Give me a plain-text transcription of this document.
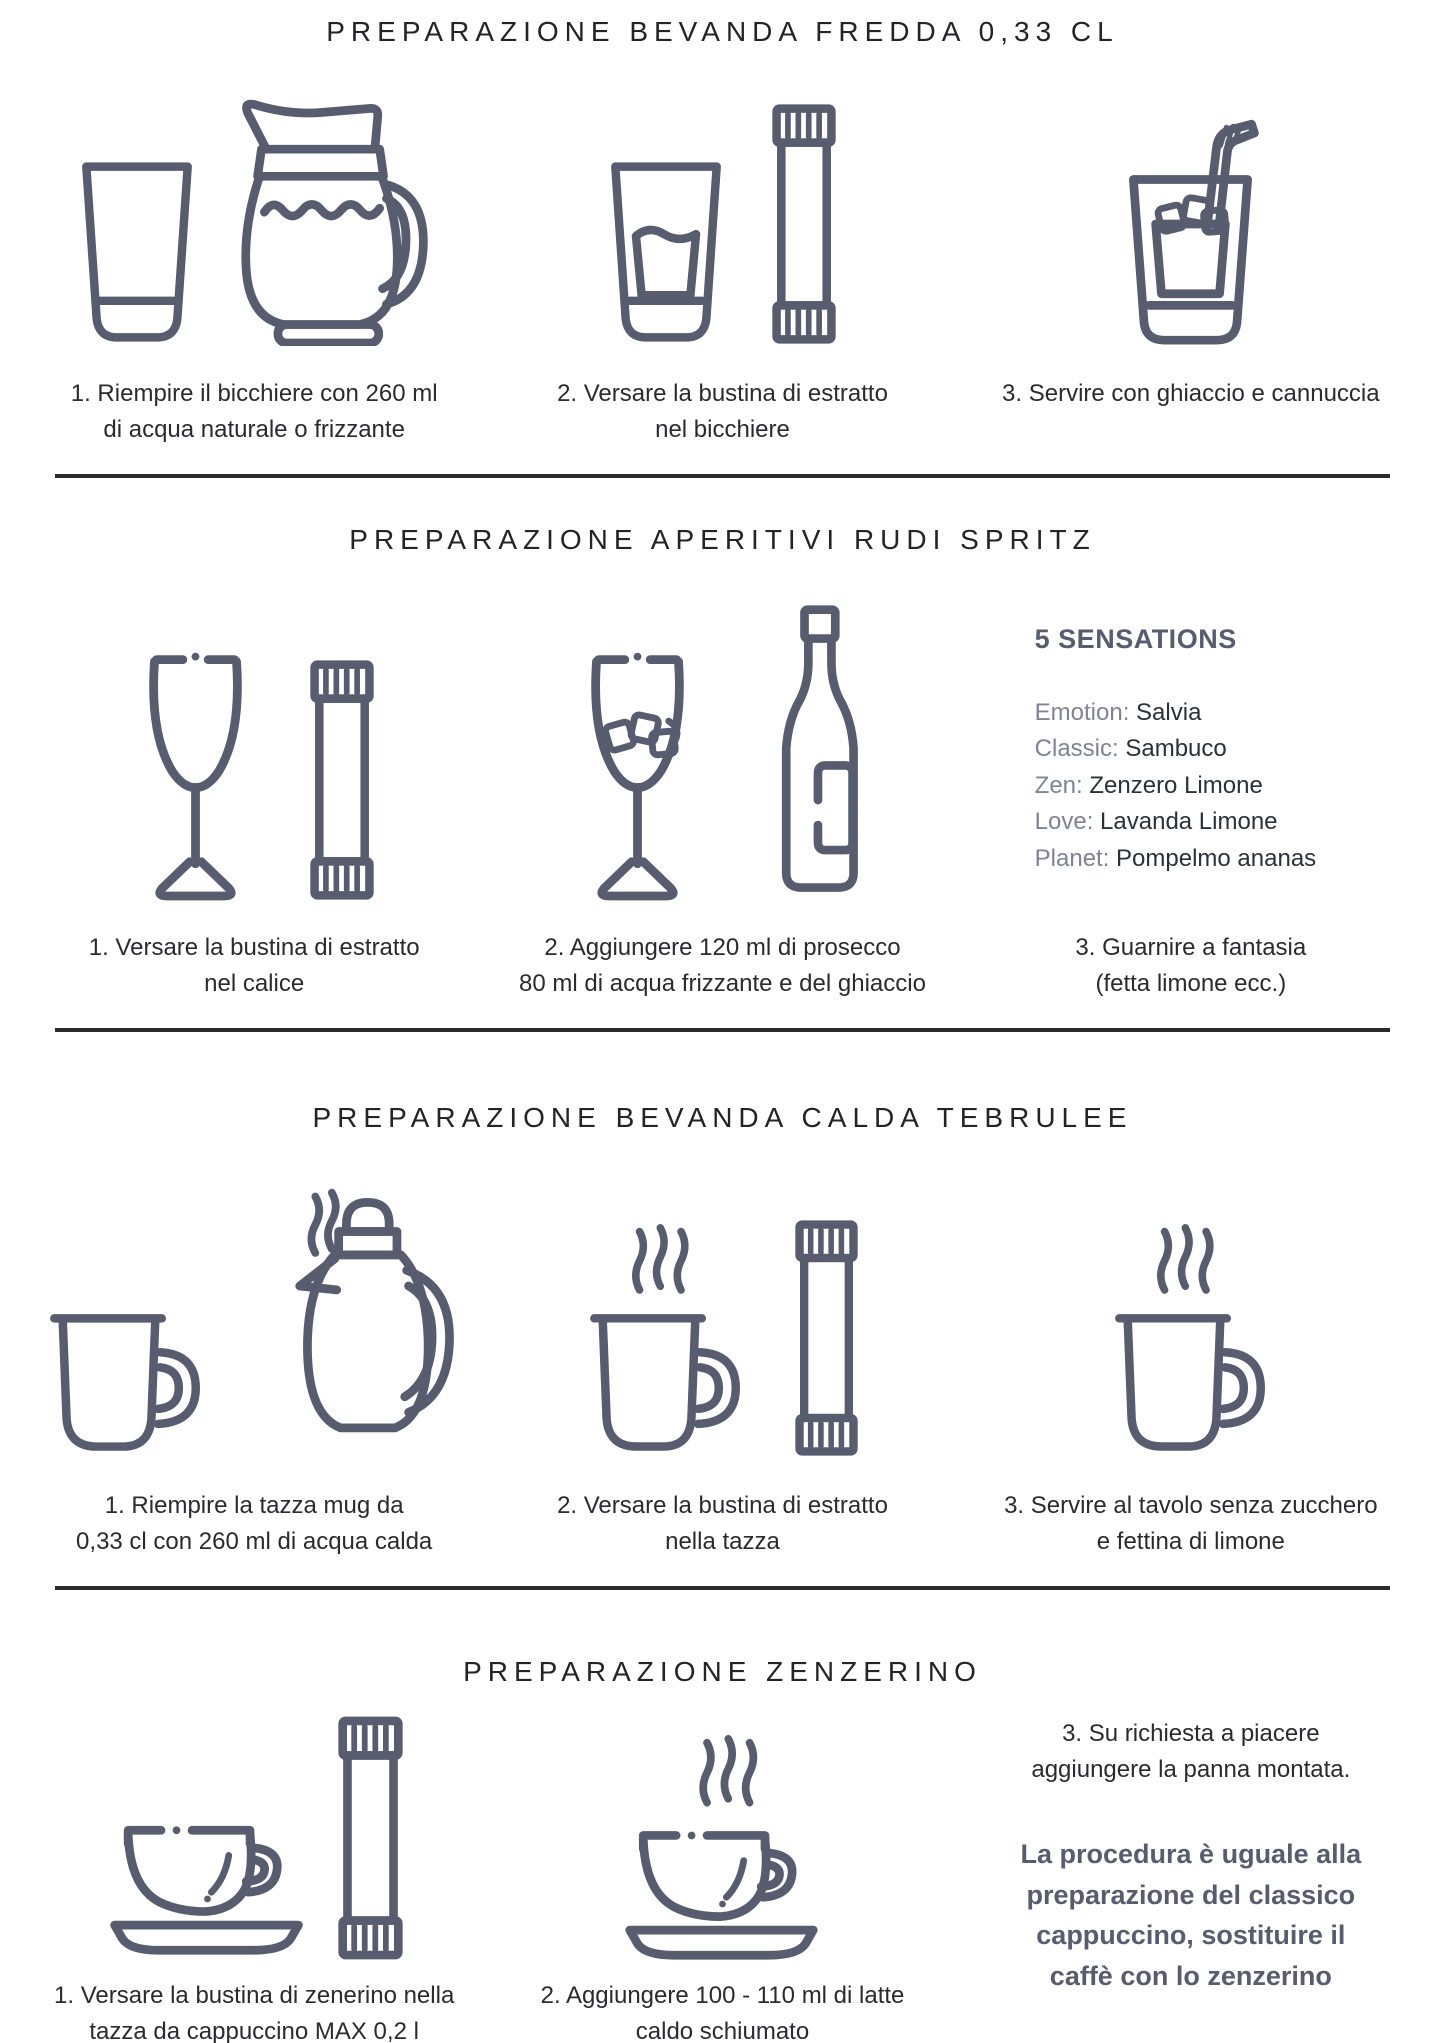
PREPARAZIONE BEVANDA FREDDA 0,33 CL
1. Riempire il bicchiere con 260 ml
di acqua naturale o frizzante
2. Versare la bustina di estratto
nel bicchiere
3. Servire con ghiaccio e cannuccia
PREPARAZIONE APERITIVI RUDI SPRITZ
5 SENSATIONS
Emotion: Salvia
Classic: Sambuco
Zen: Zenzero Limone
Love: Lavanda Limone
Planet: Pompelmo ananas
1. Versare la bustina di estratto
nel calice
2. Aggiungere 120 ml di prosecco
80 ml di acqua frizzante e del ghiaccio
3. Guarnire a fantasia
(fetta limone ecc.)
PREPARAZIONE BEVANDA CALDA TEBRULEE
1. Riempire la tazza mug da
0,33 cl con 260 ml di acqua calda
2. Versare la bustina di estratto
nella tazza
3. Servire al tavolo senza zucchero
e fettina di limone
PREPARAZIONE ZENZERINO
1. Versare la bustina di zenerino nella
tazza da cappuccino MAX 0,2 l
2. Aggiungere 100 - 110 ml di latte
caldo schiumato
3. Su richiesta a piacere
aggiungere la panna montata.
La procedura è uguale alla
preparazione del classico
cappuccino, sostituire il
caffè con lo zenzerino
